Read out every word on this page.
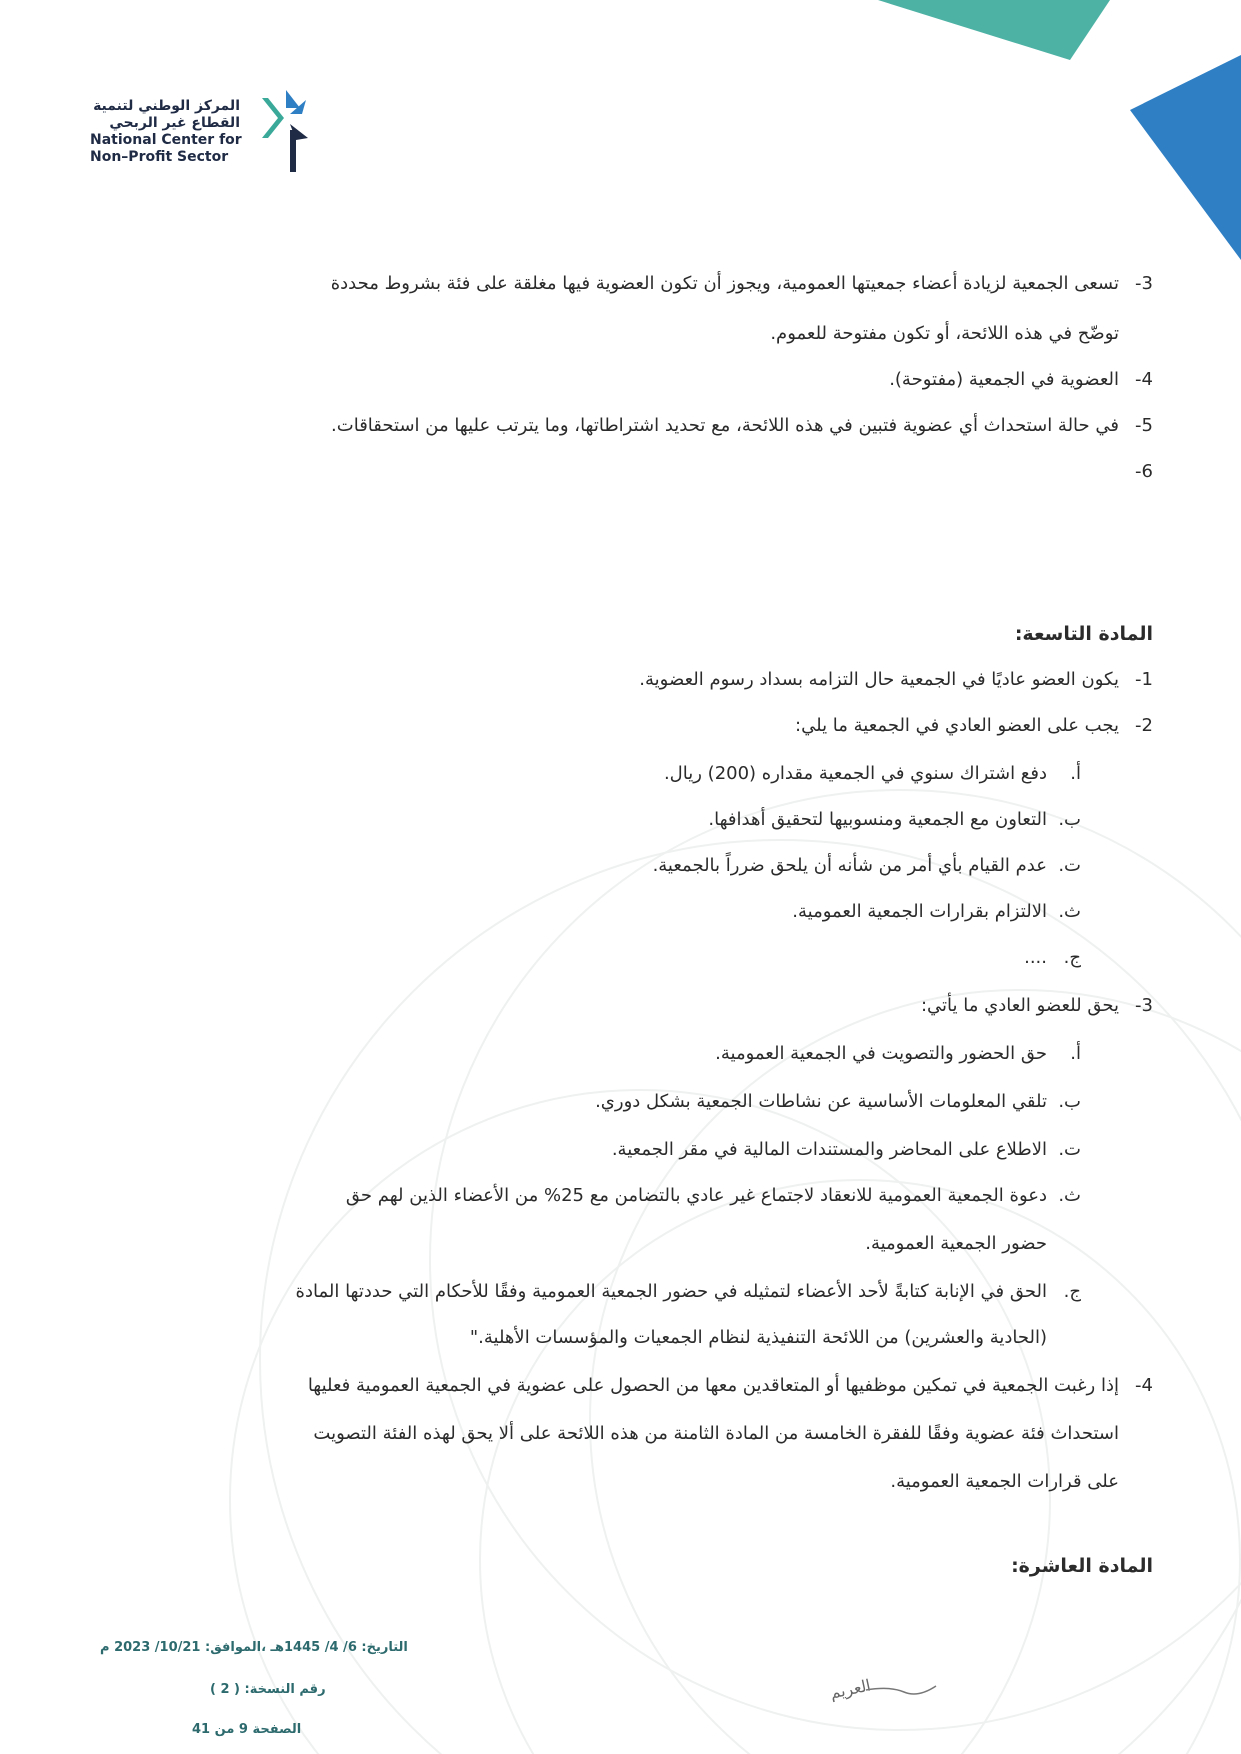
المركز الوطني لتنمية
القطاع غير الربحي
National Center for
Non–Profit Sector
3-تسعى الجمعية لزيادة أعضاء جمعيتها العمومية، ويجوز أن تكون العضوية فيها مغلقة على فئة بشروط محددة
توضّح في هذه اللائحة، أو تكون مفتوحة للعموم.
4-العضوية في الجمعية (مفتوحة).
5-في حالة استحداث أي عضوية فتبين في هذه اللائحة، مع تحديد اشتراطاتها، وما يترتب عليها من استحقاقات.
6-
المادة التاسعة:
1-يكون العضو عاديًا في الجمعية حال التزامه بسداد رسوم العضوية.
2-يجب على العضو العادي في الجمعية ما يلي:
أ.دفع اشتراك سنوي في الجمعية مقداره (200) ريال.
ب.التعاون مع الجمعية ومنسوبيها لتحقيق أهدافها.
ت.عدم القيام بأي أمر من شأنه أن يلحق ضرراً بالجمعية.
ث.الالتزام بقرارات الجمعية العمومية.
ج.....
3-يحق للعضو العادي ما يأتي:
أ.حق الحضور والتصويت في الجمعية العمومية.
ب.تلقي المعلومات الأساسية عن نشاطات الجمعية بشكل دوري.
ت.الاطلاع على المحاضر والمستندات المالية في مقر الجمعية.
ث.دعوة الجمعية العمومية للانعقاد لاجتماع غير عادي بالتضامن مع 25% من الأعضاء الذين لهم حق
حضور الجمعية العمومية.
ج.الحق في الإنابة كتابةً لأحد الأعضاء لتمثيله في حضور الجمعية العمومية وفقًا للأحكام التي حددتها المادة
(الحادية والعشرين) من اللائحة التنفيذية لنظام الجمعيات والمؤسسات الأهلية."
4-إذا رغبت الجمعية في تمكين موظفيها أو المتعاقدين معها من الحصول على عضوية في الجمعية العمومية فعليها
استحداث فئة عضوية وفقًا للفقرة الخامسة من المادة الثامنة من هذه اللائحة على ألا يحق لهذه الفئة التصويت
على قرارات الجمعية العمومية.
المادة العاشرة:
التاريخ: 6/ 4/ 1445هـ ،الموافق: 10/21/ 2023 م
رقم النسخة: ( 2 )
الصفحة 9 من 41
العريم
